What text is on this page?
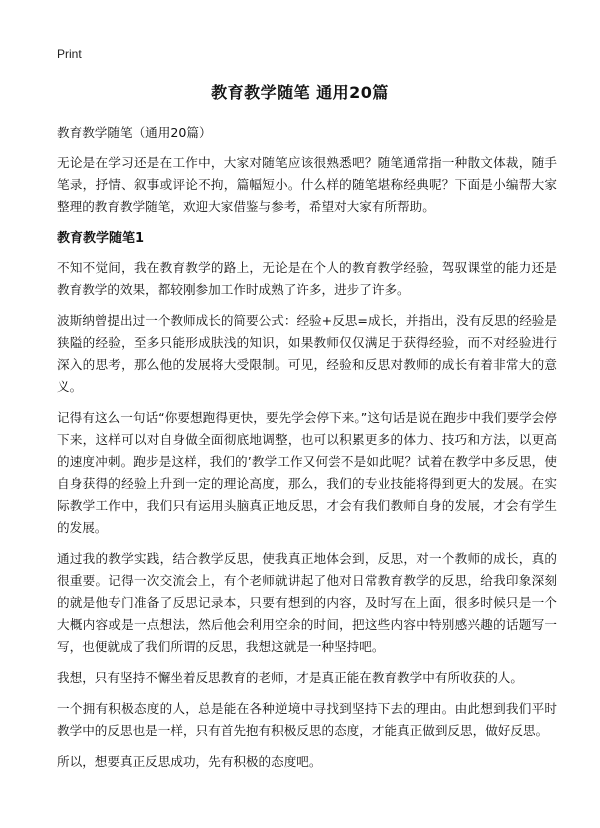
Print
教育教学随笔 通用20篇

教育教学随笔（通用20篇）

无论是在学习还是在工作中，大家对随笔应该很熟悉吧？随笔通常指一种散文体裁，随手笔录，抒情、叙事或评论不拘，篇幅短小。什么样的随笔堪称经典呢？下面是小编帮大家整理的教育教学随笔，欢迎大家借鉴与参考，希望对大家有所帮助。

教育教学随笔1

不知不觉间，我在教育教学的路上，无论是在个人的教育教学经验，驾驭课堂的能力还是教育教学的效果，都较刚参加工作时成熟了许多，进步了许多。

波斯纳曾提出过一个教师成长的简要公式：经验+反思=成长，并指出，没有反思的经验是狭隘的经验，至多只能形成肤浅的知识，如果教师仅仅满足于获得经验，而不对经验进行深入的思考，那么他的发展将大受限制。可见，经验和反思对教师的成长有着非常大的意义。

记得有这么一句话“你要想跑得更快，要先学会停下来。”这句话是说在跑步中我们要学会停下来，这样可以对自身做全面彻底地调整，也可以积累更多的体力、技巧和方法，以更高的速度冲刺。跑步是这样，我们的’教学工作又何尝不是如此呢？试着在教学中多反思，使自身获得的经验上升到一定的理论高度，那么，我们的专业技能将得到更大的发展。在实际教学工作中，我们只有运用头脑真正地反思，才会有我们教师自身的发展，才会有学生的发展。

通过我的教学实践，结合教学反思，使我真正地体会到，反思，对一个教师的成长，真的很重要。记得一次交流会上，有个老师就讲起了他对日常教育教学的反思，给我印象深刻的就是他专门准备了反思记录本，只要有想到的内容，及时写在上面，很多时候只是一个大概内容或是一点想法，然后他会利用空余的时间，把这些内容中特别感兴趣的话题写一写，也便就成了我们所谓的反思，我想这就是一种坚持吧。

我想，只有坚持不懈坐着反思教育的老师，才是真正能在教育教学中有所收获的人。

一个拥有积极态度的人，总是能在各种逆境中寻找到坚持下去的理由。由此想到我们平时教学中的反思也是一样，只有首先抱有积极反思的态度，才能真正做到反思，做好反思。

所以，想要真正反思成功，先有积极的态度吧。
